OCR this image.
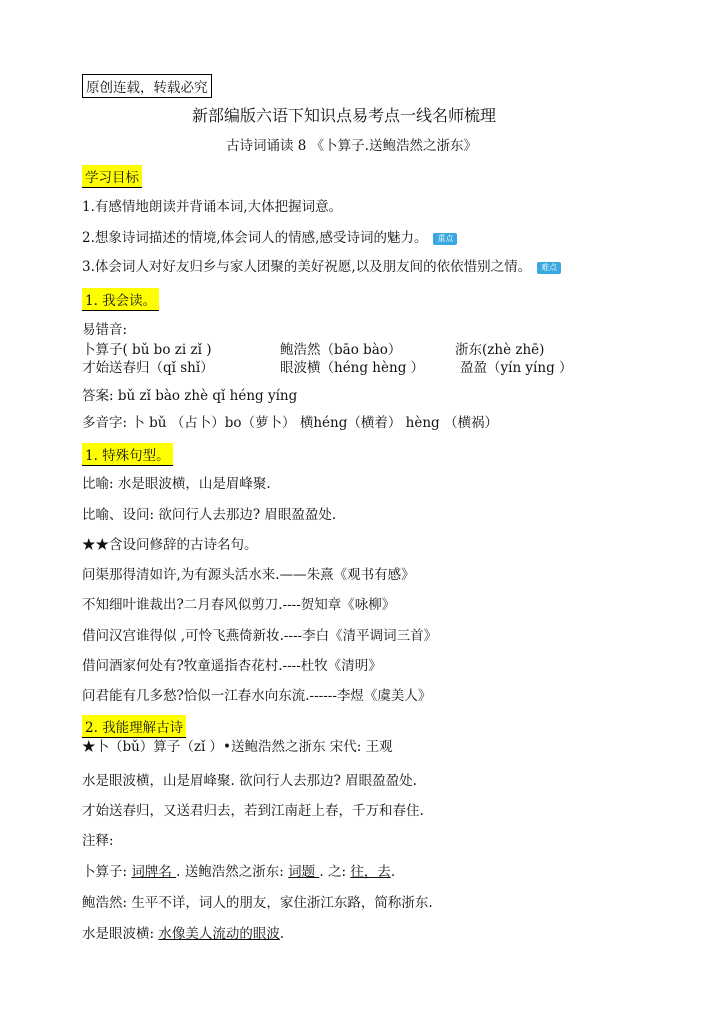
原创连载，转载必究
新部编版六语下知识点易考点一线名师梳理
古诗词诵读 8 《卜算子.送鲍浩然之浙东》
学习目标
1.有感情地朗读并背诵本词,大体把握词意。
2.想象诗词描述的情境,体会词人的情感,感受诗词的魅力。 重点
3.体会词人对好友归乡与家人团聚的美好祝愿,以及朋友间的依依惜别之情。 难点
1. 我会读。
易错音:
卜算子( bǔ bo zi zǐ )	鲍浩然（bāo bào）	浙东(zhè zhē)
才始送春归（qǐ shǐ）	眼波横（héng hèng ）	盈盈（yín yíng ）
答案: bǔ zǐ bào zhè qǐ héng yíng
多音字: 卜 bǔ （占卜）bo（萝卜） 横héng（横着） hèng （横祸）
1. 特殊句型。
比喻: 水是眼波横，山是眉峰聚.
比喻、设问: 欲问行人去那边? 眉眼盈盈处.
★★含设问修辞的古诗名句。
问渠那得清如许,为有源头活水来.——朱熹《观书有感》
不知细叶谁裁出?二月春风似剪刀.----贺知章《咏柳》
借问汉宫谁得似 ,可怜飞燕倚新妆.----李白《清平调词三首》
借问酒家何处有?牧童遥指杏花村.----杜牧《清明》
问君能有几多愁?恰似一江春水向东流.------李煜《虞美人》
2. 我能理解古诗
★卜（bǔ）算子（zǐ ）•送鲍浩然之浙东 宋代: 王观
水是眼波横，山是眉峰聚. 欲问行人去那边? 眉眼盈盈处.
才始送春归，又送君归去，若到江南赶上春，千万和春住.
注释:
卜算子: 词牌名 . 送鲍浩然之浙东: 词题 . 之: 往，去.
鲍浩然: 生平不详，词人的朋友，家住浙江东路，简称浙东.
水是眼波横: 水像美人流动的眼波.
